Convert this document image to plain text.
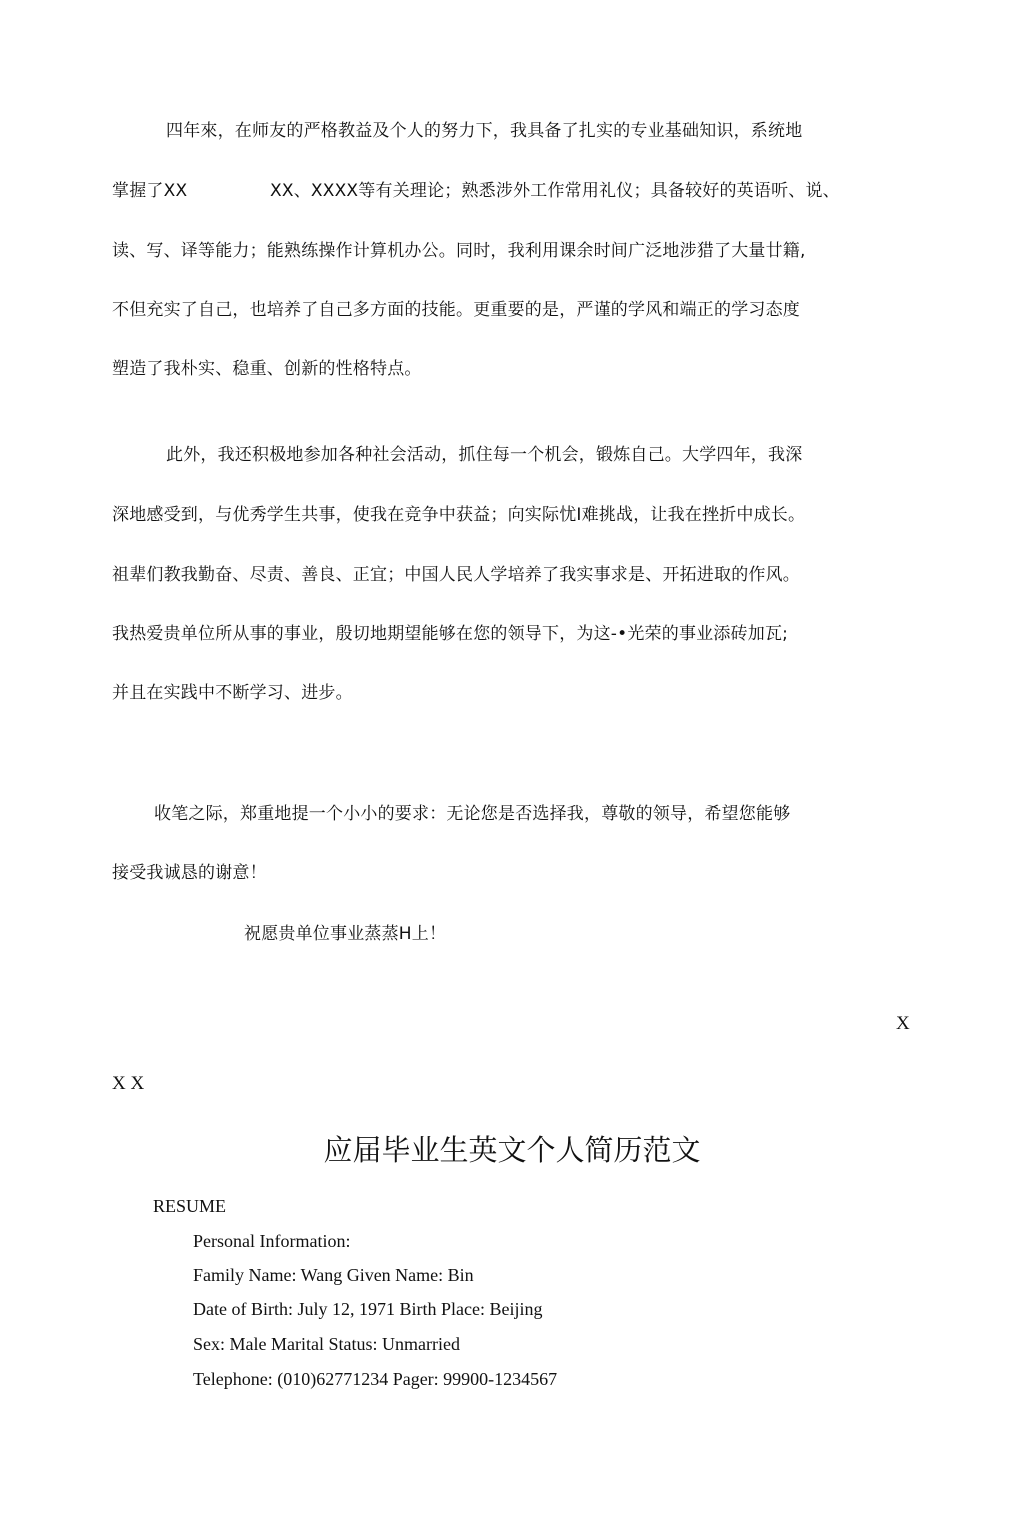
四年來，在师友的严格教益及个人的努力下，我具备了扎实的专业基础知识，系统地
掌握了XX	XX、XXXX等有关理论；熟悉涉外工作常用礼仪；具备较好的英语听、说、
读、写、译等能力；能熟练操作计算机办公。同时，我利用课余时间广泛地涉猎了大量廿籍,
不但充实了自己，也培养了自己多方面的技能。更重要的是，严谨的学风和端正的学习态度
塑造了我朴实、稳重、创新的性格特点。
此外，我还积极地参加各种社会活动，抓住每一个机会，锻炼自己。大学四年，我深
深地感受到，与优秀学生共事，使我在竞争中获益；向实际忧I难挑战，让我在挫折中成长。
祖辈们教我勤奋、尽责、善良、正宜；中国人民人学培养了我实事求是、开拓进取的作风。
我热爱贵单位所从事的事业，殷切地期望能够在您的领导下，为这-•光荣的事业添砖加瓦;
并且在实践中不断学习、进步。
收笔之际，郑重地提一个小小的要求：无论您是否选择我，尊敬的领导，希望您能够
接受我诚恳的谢意！
祝愿贵单位事业蒸蒸H上！
X
X X
应届毕业生英文个人简历范文
RESUME
Personal Information:
Family Name: Wang Given Name: Bin
Date of Birth: July 12, 1971 Birth Place: Beijing
Sex: Male Marital Status: Unmarried
Telephone: (010)62771234 Pager: 99900-1234567
